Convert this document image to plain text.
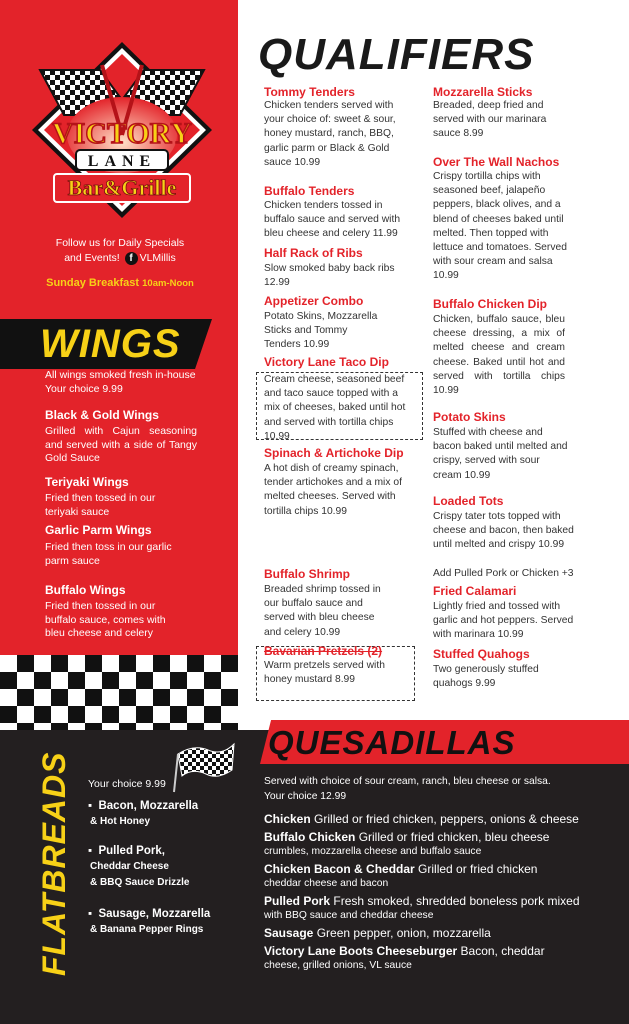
VICTORY
LANE
Bar&Grille
Follow us for Daily Specials
and Events! f VLMillis
Sunday Breakfast 10am-Noon
WINGS
All wings smoked fresh in-house
Your choice 9.99
Black & Gold Wings
Grilled with Cajun seasoning and served with a side of Tangy Gold Sauce
Teriyaki Wings
Fried then tossed in our teriyaki sauce
Garlic Parm Wings
Fried then toss in our garlic parm sauce
Buffalo Wings
Fried then tossed in our buffalo sauce, comes with bleu cheese and celery
QUALIFIERS
Tommy Tenders
Chicken tenders served with your choice of: sweet & sour, honey mustard, ranch, BBQ, garlic parm or Black & Gold sauce 10.99
Buffalo Tenders
Chicken tenders tossed in buffalo sauce and served with bleu cheese and celery 11.99
Half Rack of Ribs
Slow smoked baby back ribs 12.99
Appetizer Combo
Potato Skins, Mozzarella Sticks and Tommy Tenders 10.99
Victory Lane Taco Dip
Cream cheese, seasoned beef and taco sauce topped with a mix of cheeses, baked until hot and served with tortilla chips 10.99
Spinach & Artichoke Dip
A hot dish of creamy spinach, tender artichokes and a mix of melted cheeses. Served with tortilla chips 10.99
Buffalo Shrimp
Breaded shrimp tossed in our buffalo sauce and served with bleu cheese and celery 10.99
Bavarian Pretzels (2)
Warm pretzels served with honey mustard 8.99
Mozzarella Sticks
Breaded, deep fried and served with our marinara sauce 8.99
Over The Wall Nachos
Crispy tortilla chips with seasoned beef, jalapeño peppers, black olives, and a blend of cheeses baked until melted. Then topped with lettuce and tomatoes. Served with sour cream and salsa 10.99
Buffalo Chicken Dip
Chicken, buffalo sauce, bleu cheese dressing, a mix of melted cheese and cream cheese. Baked until hot and served with tortilla chips 10.99
Potato Skins
Stuffed with cheese and bacon baked until melted and crispy, served with sour cream 10.99
Loaded Tots
Crispy tater tots topped with cheese and bacon, then baked until melted and crispy 10.99
Add Pulled Pork or Chicken +3
Fried Calamari
Lightly fried and tossed with garlic and hot peppers. Served with marinara 10.99
Stuffed Quahogs
Two generously stuffed quahogs 9.99
QUESADILLAS
Served with choice of sour cream, ranch, bleu cheese or salsa.
Your choice 12.99
Chicken Grilled or fried chicken, peppers, onions & cheese
Buffalo Chicken Grilled or fried chicken, bleu cheese
crumbles, mozzarella cheese and buffalo sauce
Chicken Bacon & Cheddar Grilled or fried chicken
cheddar cheese and bacon
Pulled Pork Fresh smoked, shredded boneless pork mixed
with BBQ sauce and cheddar cheese
Sausage Green pepper, onion, mozzarella
Victory Lane Boots Cheeseburger Bacon, cheddar
cheese, grilled onions, VL sauce
FLATBREADS Your choice 9.99
▪  Bacon, Mozzarella
& Hot Honey
▪  Pulled Pork,
Cheddar Cheese
& BBQ Sauce Drizzle
▪  Sausage, Mozzarella
& Banana Pepper Rings
